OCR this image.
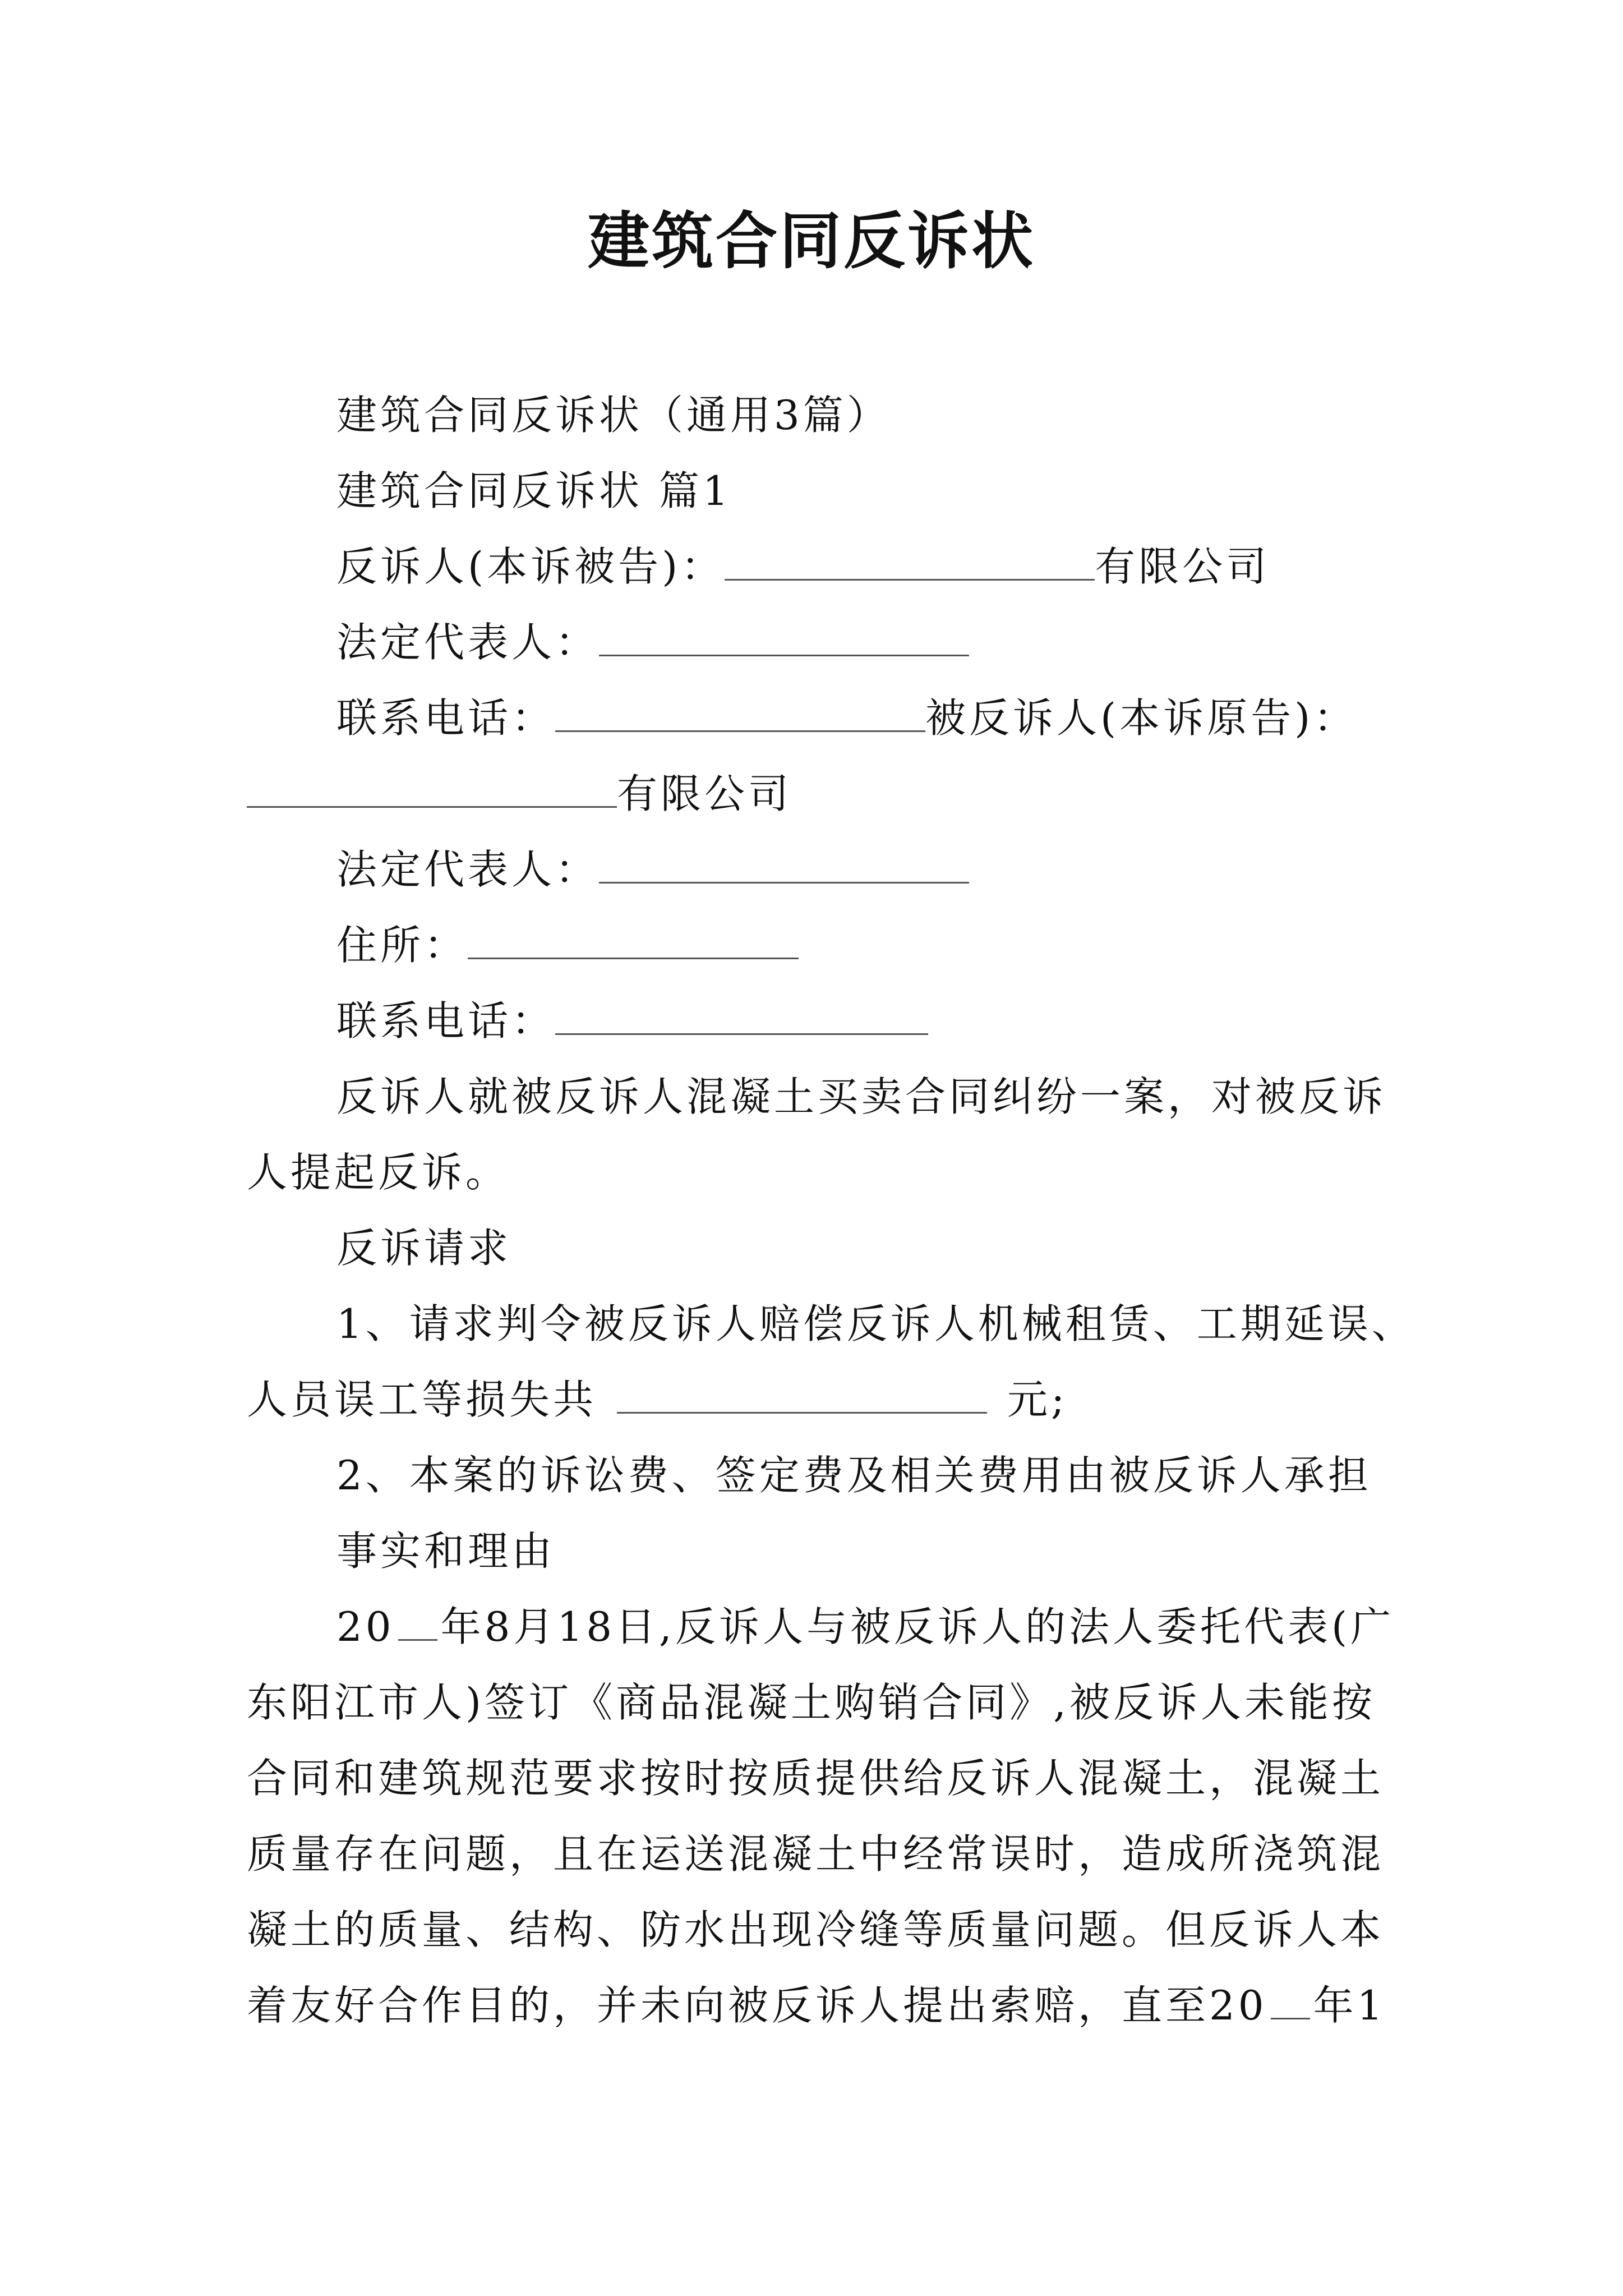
建筑合同反诉状
建筑合同反诉状（通用3篇）
建筑合同反诉状 篇1
反诉人(本诉被告)：	有限公司
法定代表人：
联系电话：	被反诉人(本诉原告)：
有限公司
法定代表人：
住所：
联系电话：
反诉人就被反诉人混凝土买卖合同纠纷一案，对被反诉
人提起反诉。
反诉请求
1、请求判令被反诉人赔偿反诉人机械租赁、工期延误、
人员误工等损失共	元;
2、本案的诉讼费、签定费及相关费用由被反诉人承担
事实和理由
20 年8月18日,反诉人与被反诉人的法人委托代表(广
东阳江市人)签订《商品混凝土购销合同》,被反诉人未能按
合同和建筑规范要求按时按质提供给反诉人混凝土，混凝土
质量存在问题，且在运送混凝土中经常误时，造成所浇筑混
凝土的质量、结构、防水出现冷缝等质量问题。但反诉人本
着友好合作目的，并未向被反诉人提出索赔，直至20 年1
